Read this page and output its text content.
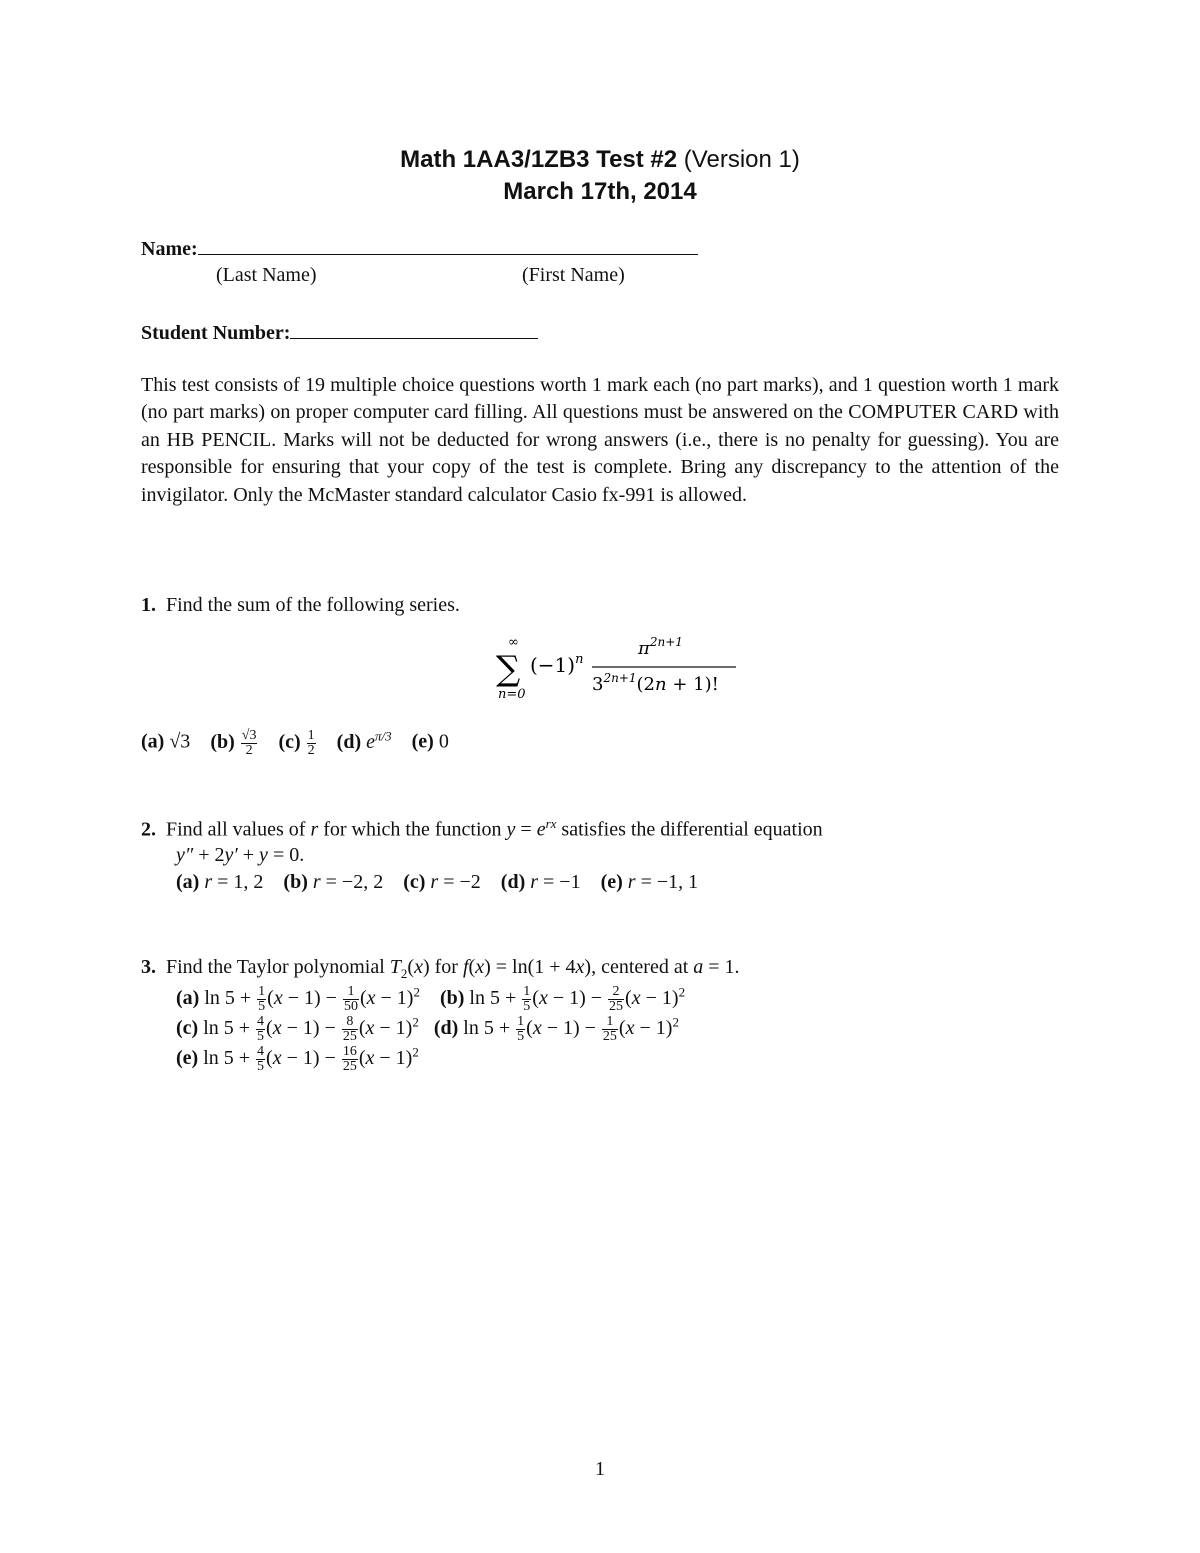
Math 1AA3/1ZB3 Test #2 (Version 1)
March 17th, 2014
Name:
(Last Name)	(First Name)
Student Number:
This test consists of 19 multiple choice questions worth 1 mark each (no part marks), and 1 question worth 1 mark (no part marks) on proper computer card filling. All questions must be answered on the COMPUTER CARD with an HB PENCIL. Marks will not be deducted for wrong answers (i.e., there is no penalty for guessing). You are responsible for ensuring that your copy of the test is complete. Bring any discrepancy to the attention of the invigilator. Only the McMaster standard calculator Casio fx-991 is allowed.
1. Find the sum of the following series.
∞
∑
n=0
$(-1)^n$
$\pi^{2n+1}$
$3^{2n+1}(2n + 1)$!
(a) √3 $(b) \frac{√3}{2} (c) \frac{1}{2} (d)$ $e^{\pi/3}$ (e) 0
2. Find all values of r for which the function $y = e^{rx}$ satisfies the differential equation
y″ + 2y′ + y = 0.
(a) r = 1, 2 (b) r = −2, 2 (c) r = −2 (d) r = −1 (e) r = −1, 1
3. Find the Taylor polynomial $T_2(x)$ for f(x) = ln(1 + 4x), centered at a = 1.
(a) $\ln 5 + \frac{1}{5} (x - 1) - \frac{1}{50} (x - 1)^2$ (b) $\ln 5 + \frac{1}{5} (x - 1) - \frac{2}{25} (x - 1)^2$
(c) $\ln 5 + \frac{4}{5} (x - 1) - \frac{8}{25} (x - 1)^2$ (d) $\ln 5 + \frac{1}{5} (x - 1) - \frac{1}{25} (x - 1)^2$
(e) $\ln 5 + \frac{4}{5} (x - 1) - \frac{16}{25} (x - 1)^2$
1
